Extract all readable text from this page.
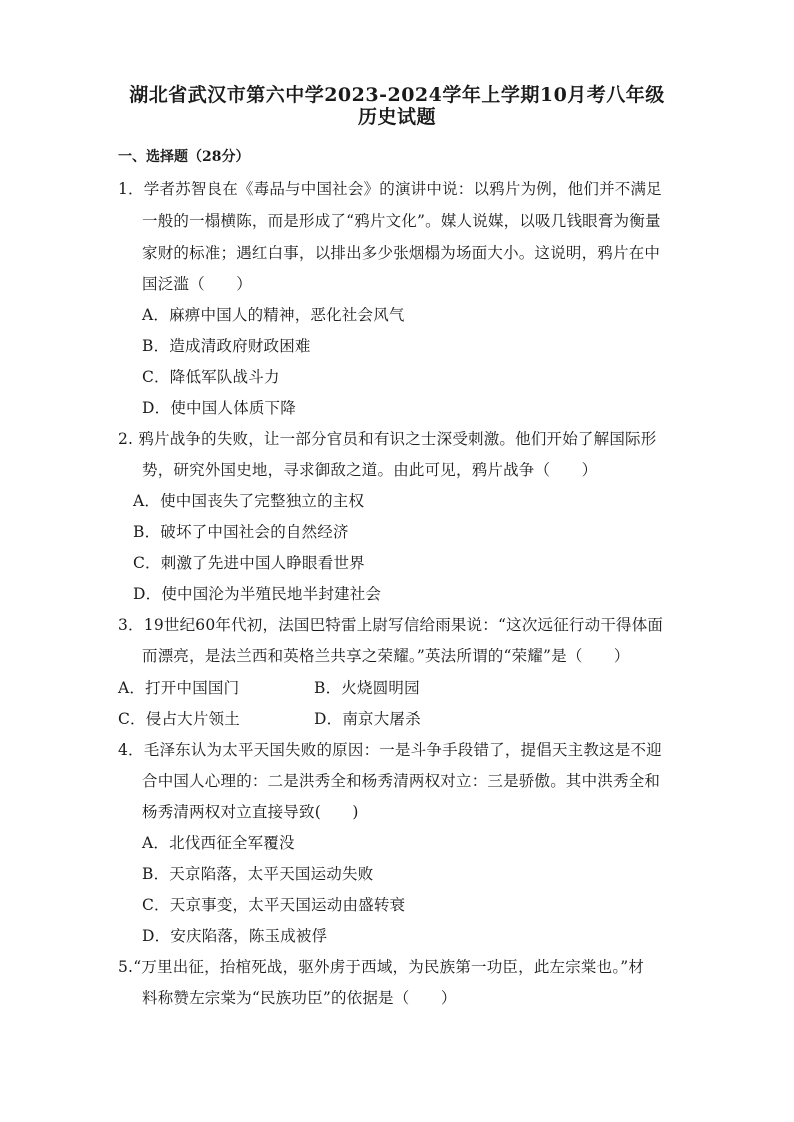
湖北省武汉市第六中学2023-2024学年上学期10月考八年级
历史试题
一、选择题（28分）
1．学者苏智良在《毒品与中国社会》的演讲中说：以鸦片为例，他们并不满足
一般的一榻横陈，而是形成了“鸦片文化”。媒人说媒，以吸几钱眼膏为衡量
家财的标准；遇红白事，以排出多少张烟榻为场面大小。这说明，鸦片在中
国泛滥（　　）
A．麻痹中国人的精神，恶化社会风气
B．造成清政府财政困难
C．降低军队战斗力
D．使中国人体质下降
2. 鸦片战争的失败，让一部分官员和有识之士深受刺激。他们开始了解国际形
势，研究外国史地，寻求御敌之道。由此可见，鸦片战争（　　）
A．使中国丧失了完整独立的主权
B．破坏了中国社会的自然经济
C．刺激了先进中国人睁眼看世界
D．使中国沦为半殖民地半封建社会
3．19世纪60年代初，法国巴特雷上尉写信给雨果说：“这次远征行动干得体面
而漂亮，是法兰西和英格兰共享之荣耀。”英法所谓的“荣耀”是（　　）
A．打开中国国门	B．火烧圆明园
C．侵占大片领土	D．南京大屠杀
4．毛泽东认为太平天国失败的原因：一是斗争手段错了，提倡天主教这是不迎
合中国人心理的：二是洪秀全和杨秀清两权对立：三是骄傲。其中洪秀全和
杨秀清两权对立直接导致(　　)
A．北伐西征全军覆没
B．天京陷落，太平天国运动失败
C．天京事变，太平天国运动由盛转衰
D．安庆陷落，陈玉成被俘
5.“万里出征，抬棺死战，驱外虏于西域，为民族第一功臣，此左宗棠也。”材
料称赞左宗棠为“民族功臣”的依据是（　　）
